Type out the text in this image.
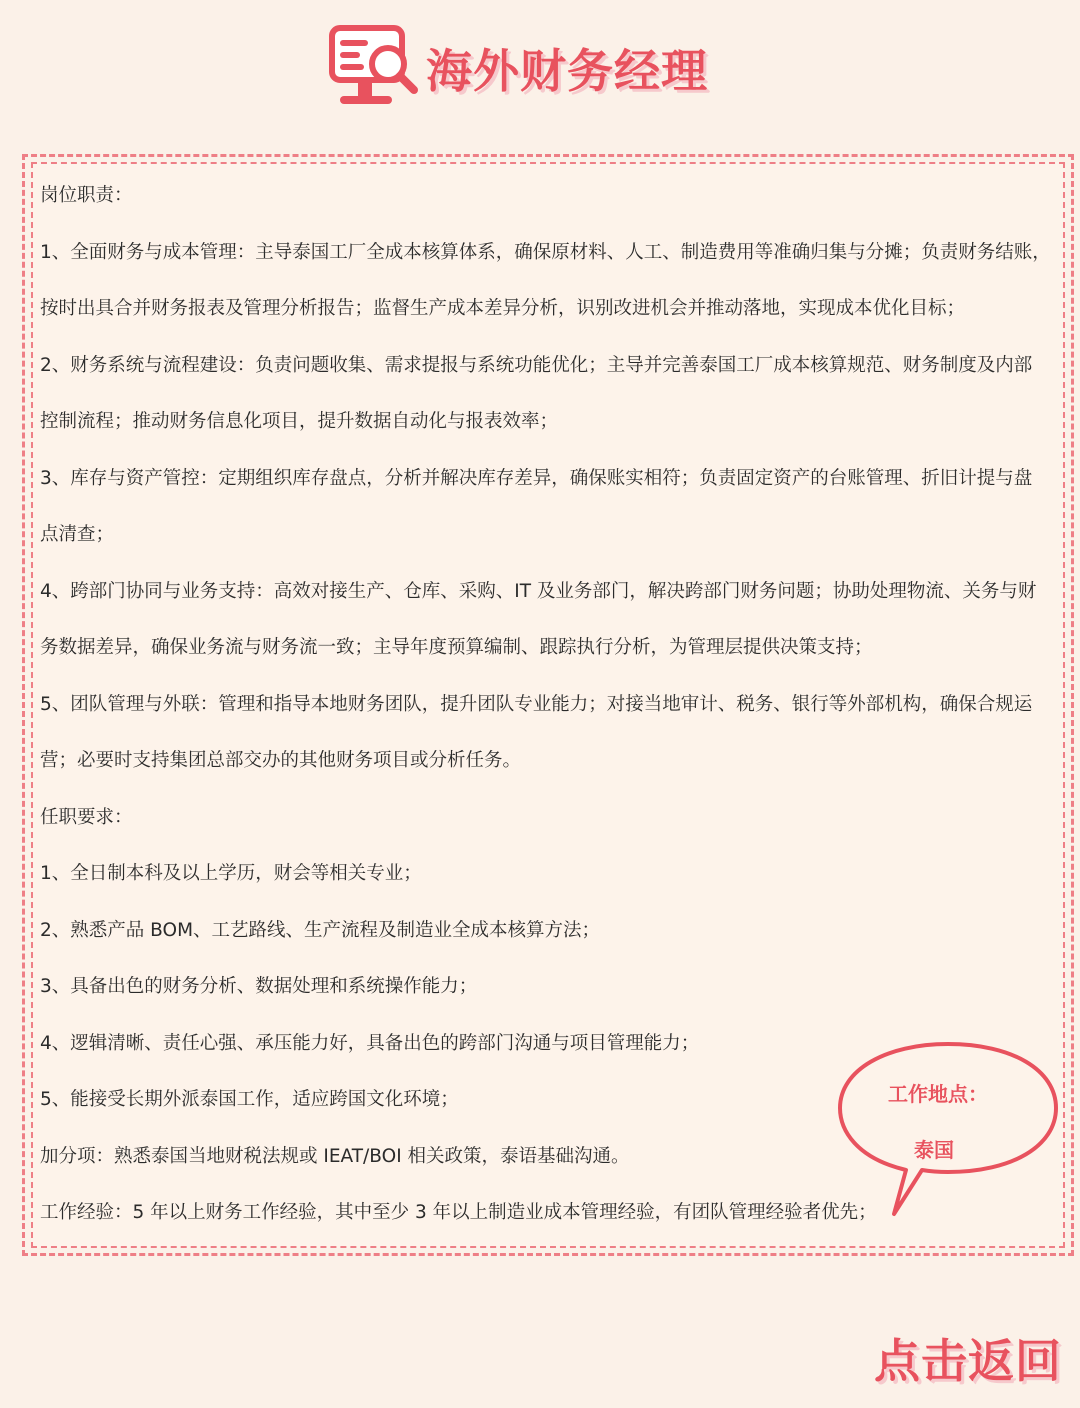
海外财务经理

岗位职责：

1、全面财务与成本管理：主导泰国工厂全成本核算体系，确保原材料、人工、制造费用等准确归集与分摊；负责财务结账，

按时出具合并财务报表及管理分析报告；监督生产成本差异分析，识别改进机会并推动落地，实现成本优化目标；

2、财务系统与流程建设：负责问题收集、需求提报与系统功能优化；主导并完善泰国工厂成本核算规范、财务制度及内部

控制流程；推动财务信息化项目，提升数据自动化与报表效率；

3、库存与资产管控：定期组织库存盘点，分析并解决库存差异，确保账实相符；负责固定资产的台账管理、折旧计提与盘

点清查；

4、跨部门协同与业务支持：高效对接生产、仓库、采购、IT 及业务部门，解决跨部门财务问题；协助处理物流、关务与财

务数据差异，确保业务流与财务流一致；主导年度预算编制、跟踪执行分析，为管理层提供决策支持；

5、团队管理与外联：管理和指导本地财务团队，提升团队专业能力；对接当地审计、税务、银行等外部机构，确保合规运

营；必要时支持集团总部交办的其他财务项目或分析任务。

任职要求：

1、全日制本科及以上学历，财会等相关专业；

2、熟悉产品 BOM、工艺路线、生产流程及制造业全成本核算方法；

3、具备出色的财务分析、数据处理和系统操作能力；

4、逻辑清晰、责任心强、承压能力好，具备出色的跨部门沟通与项目管理能力；

5、能接受长期外派泰国工作，适应跨国文化环境；

加分项：熟悉泰国当地财税法规或 IEAT/BOI 相关政策，泰语基础沟通。

工作经验：5 年以上财务工作经验，其中至少 3 年以上制造业成本管理经验，有团队管理经验者优先；

工作地点：
泰国
点击返回
